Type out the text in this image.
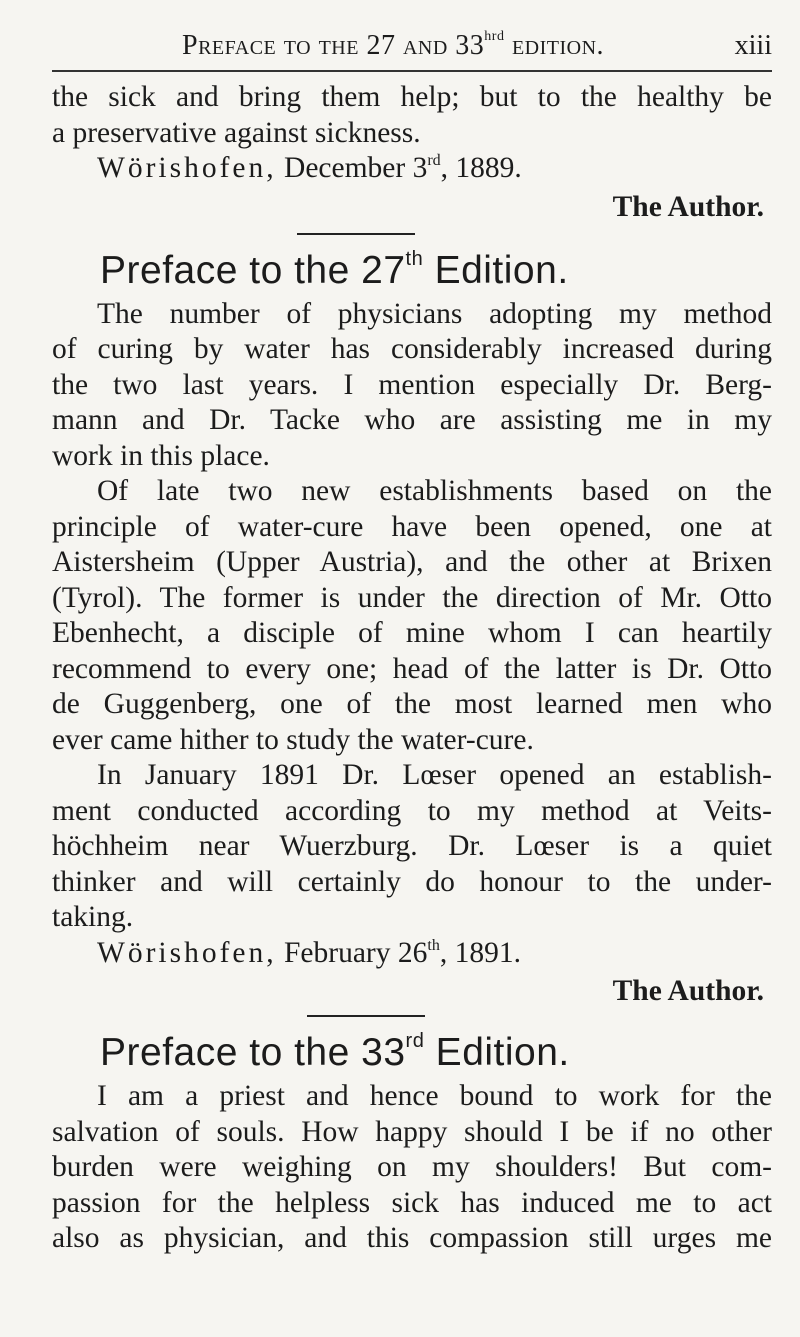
Preface to the 27 and $33^{hrd}$ edition.	xiii
the sick and bring them help; but to the healthy be
a preservative against sickness.
Wörishofen, December 3rd, 1889.
The Author.
Preface to the 27th Edition.
The number of physicians adopting my method
of curing by water has considerably increased during
the two last years. I mention especially Dr. Berg-
mann and Dr. Tacke who are assisting me in my
work in this place.
Of late two new establishments based on the
principle of water-cure have been opened, one at
Aistersheim (Upper Austria), and the other at Brixen
(Tyrol). The former is under the direction of Mr. Otto
Ebenhecht, a disciple of mine whom I can heartily
recommend to every one; head of the latter is Dr. Otto
de Guggenberg, one of the most learned men who
ever came hither to study the water-cure.
In January 1891 Dr. Lœser opened an establish-
ment conducted according to my method at Veits-
höchheim near Wuerzburg. Dr. Lœser is a quiet
thinker and will certainly do honour to the under-
taking.
Wörishofen, February 26th, 1891.
The Author.
Preface to the 33rd Edition.
I am a priest and hence bound to work for the
salvation of souls. How happy should I be if no other
burden were weighing on my shoulders! But com-
passion for the helpless sick has induced me to act
also as physician, and this compassion still urges me
